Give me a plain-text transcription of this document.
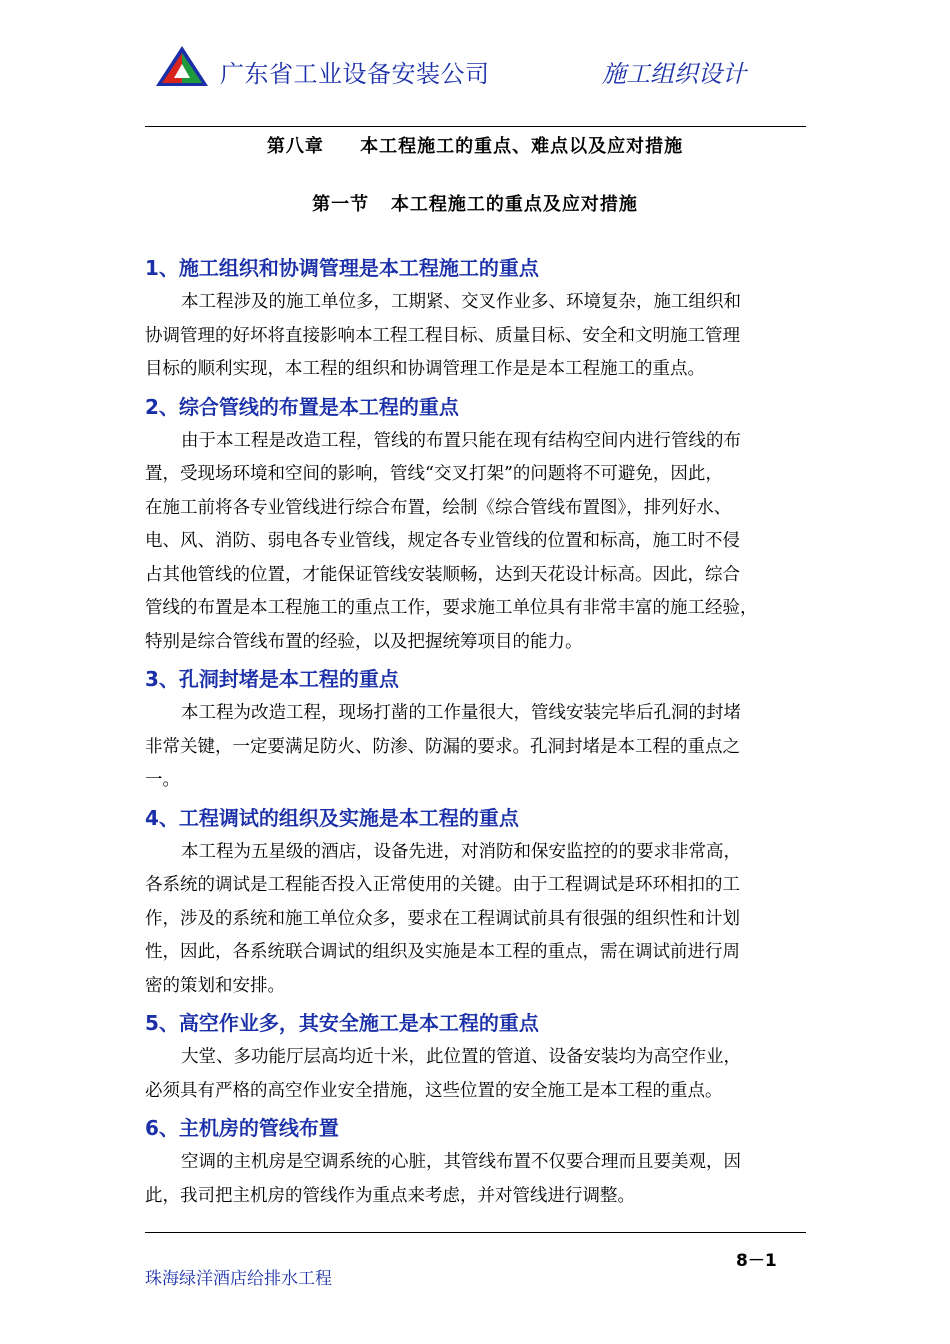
广东省工业设备安装公司	施工组织设计
第八章     本工程施工的重点、难点以及应对措施
第一节   本工程施工的重点及应对措施
1、施工组织和协调管理是本工程施工的重点

本工程涉及的施工单位多，工期紧、交叉作业多、环境复杂，施工组织和
协调管理的好坏将直接影响本工程工程目标、质量目标、安全和文明施工管理
目标的顺利实现，本工程的组织和协调管理工作是是本工程施工的重点。

2、综合管线的布置是本工程的重点

由于本工程是改造工程，管线的布置只能在现有结构空间内进行管线的布
置，受现场环境和空间的影响，管线“交叉打架”的问题将不可避免，因此，
在施工前将各专业管线进行综合布置，绘制《综合管线布置图》，排列好水、
电、风、消防、弱电各专业管线，规定各专业管线的位置和标高，施工时不侵
占其他管线的位置，才能保证管线安装顺畅，达到天花设计标高。因此，综合
管线的布置是本工程施工的重点工作，要求施工单位具有非常丰富的施工经验，
特别是综合管线布置的经验，以及把握统筹项目的能力。

3、孔洞封堵是本工程的重点

本工程为改造工程，现场打凿的工作量很大，管线安装完毕后孔洞的封堵
非常关键，一定要满足防火、防渗、防漏的要求。孔洞封堵是本工程的重点之
一。

4、工程调试的组织及实施是本工程的重点

本工程为五星级的酒店，设备先进，对消防和保安监控的的要求非常高，
各系统的调试是工程能否投入正常使用的关键。由于工程调试是环环相扣的工
作，涉及的系统和施工单位众多，要求在工程调试前具有很强的组织性和计划
性，因此，各系统联合调试的组织及实施是本工程的重点，需在调试前进行周
密的策划和安排。

5、高空作业多，其安全施工是本工程的重点

大堂、多功能厅层高均近十米，此位置的管道、设备安装均为高空作业，
必须具有严格的高空作业安全措施，这些位置的安全施工是本工程的重点。

6、主机房的管线布置

空调的主机房是空调系统的心脏，其管线布置不仅要合理而且要美观，因
此，我司把主机房的管线作为重点来考虑，并对管线进行调整。

8－1
珠海绿洋酒店给排水工程
